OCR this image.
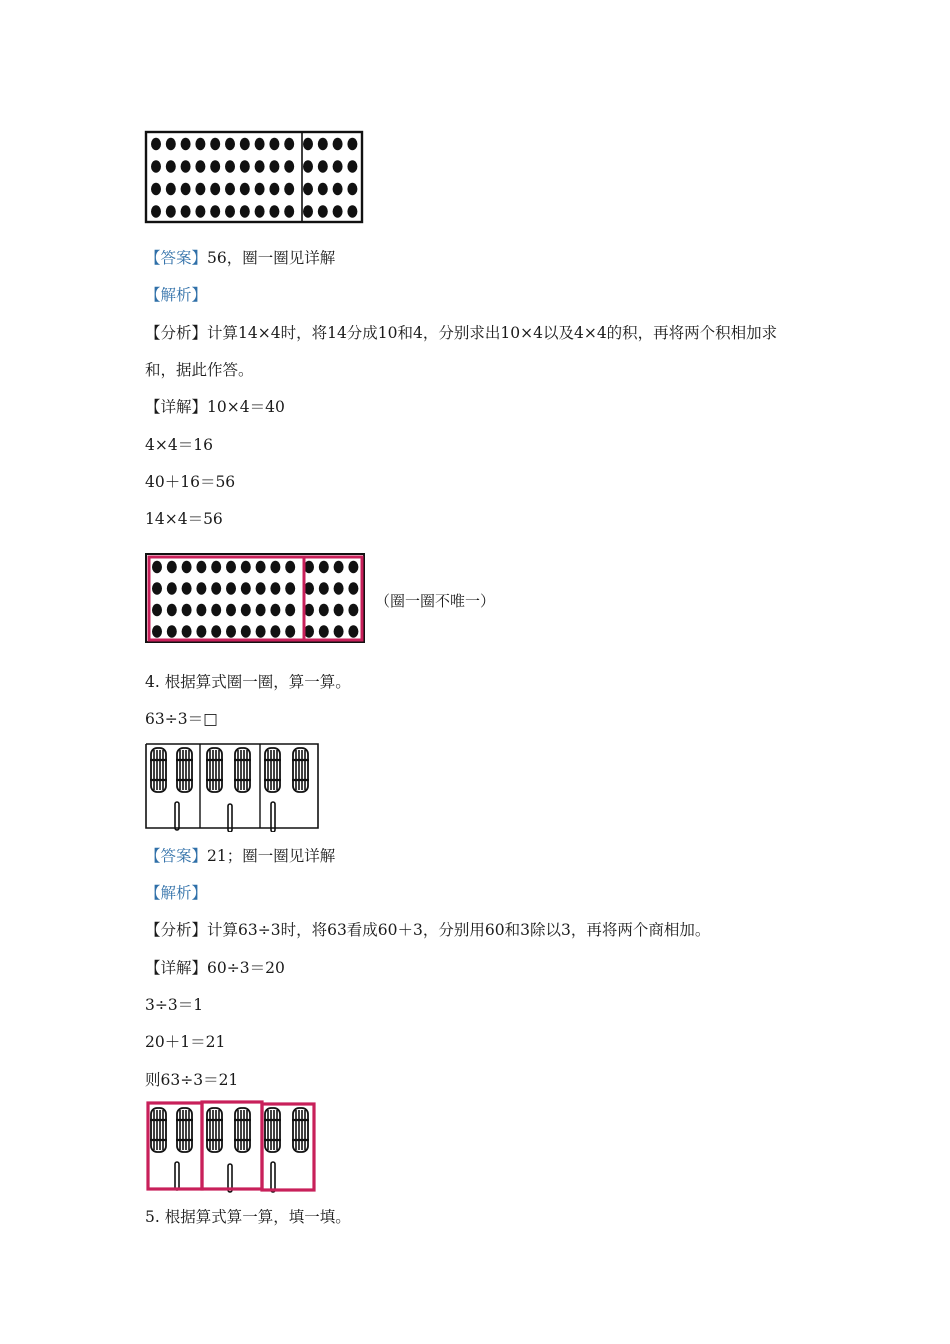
【答案】56，圈一圈见详解
【解析】
【分析】计算14×4时，将14分成10和4，分别求出10×4以及4×4的积，再将两个积相加求
和，据此作答。
【详解】10×4＝40
4×4＝16
40＋16＝56
14×4＝56
（圈一圈不唯一）
4. 根据算式圈一圈，算一算。
63÷3＝□
【答案】21；圈一圈见详解
【解析】
【分析】计算63÷3时，将63看成60＋3，分别用60和3除以3，再将两个商相加。
【详解】60÷3＝20
3÷3＝1
20＋1＝21
则63÷3＝21
5. 根据算式算一算，填一填。
